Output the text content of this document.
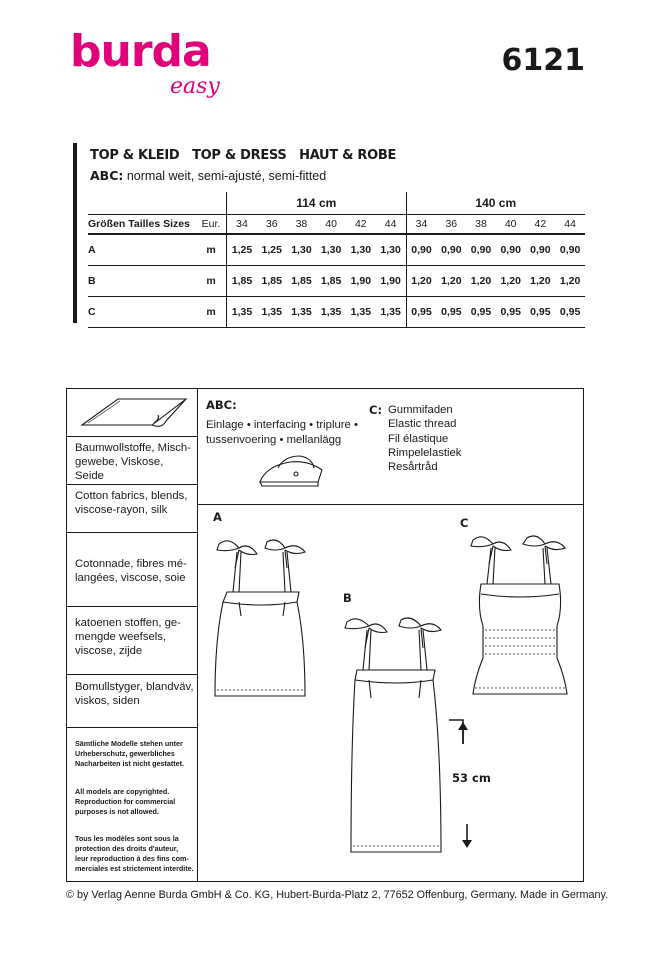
burda
easy
6121
TOP & KLEID   TOP & DRESS   HAUT & ROBE
ABC: normal weit, semi-ajusté, semi-fitted
		114 cm						140 cm					
Größen Tailles Sizes	Eur.	34	36	38	40	42	44	34	36	38	40	42	44
A	m	1,25	1,25	1,30	1,30	1,30	1,30	0,90	0,90	0,90	0,90	0,90	0,90
B	m	1,85	1,85	1,85	1,85	1,90	1,90	1,20	1,20	1,20	1,20	1,20	1,20
C	m	1,35	1,35	1,35	1,35	1,35	1,35	0,95	0,95	0,95	0,95	0,95	0,95
Baumwollstoffe, Misch-
gewebe, Viskose, Seide
Cotton fabrics, blends,
viscose-rayon, silk
Cotonnade, fibres mé-
langées, viscose, soie
katoenen stoffen, ge-
mengde weefsels,
viscose, zijde
Bomullstyger, blandväv,
viskos, siden
Sämtliche Modelle stehen unter
Urheberschutz, gewerbliches
Nacharbeiten ist nicht gestattet.
All models are copyrighted.
Reproduction for commercial
purposes is not allowed.
Tous les modèles sont sous la
protection des droits d'auteur,
leur reproduction à des fins com-
merciales est strictement interdite.
ABC:
Einlage • interfacing • triplure •
tussenvoering • mellanlägg
C: Gummifaden
Elastic thread
Fil élastique
Rimpelelastiek
Resårtråd
A
B
C
53 cm
© by Verlag Aenne Burda GmbH & Co. KG, Hubert-Burda-Platz 2, 77652 Offenburg, Germany. Made in Germany.
